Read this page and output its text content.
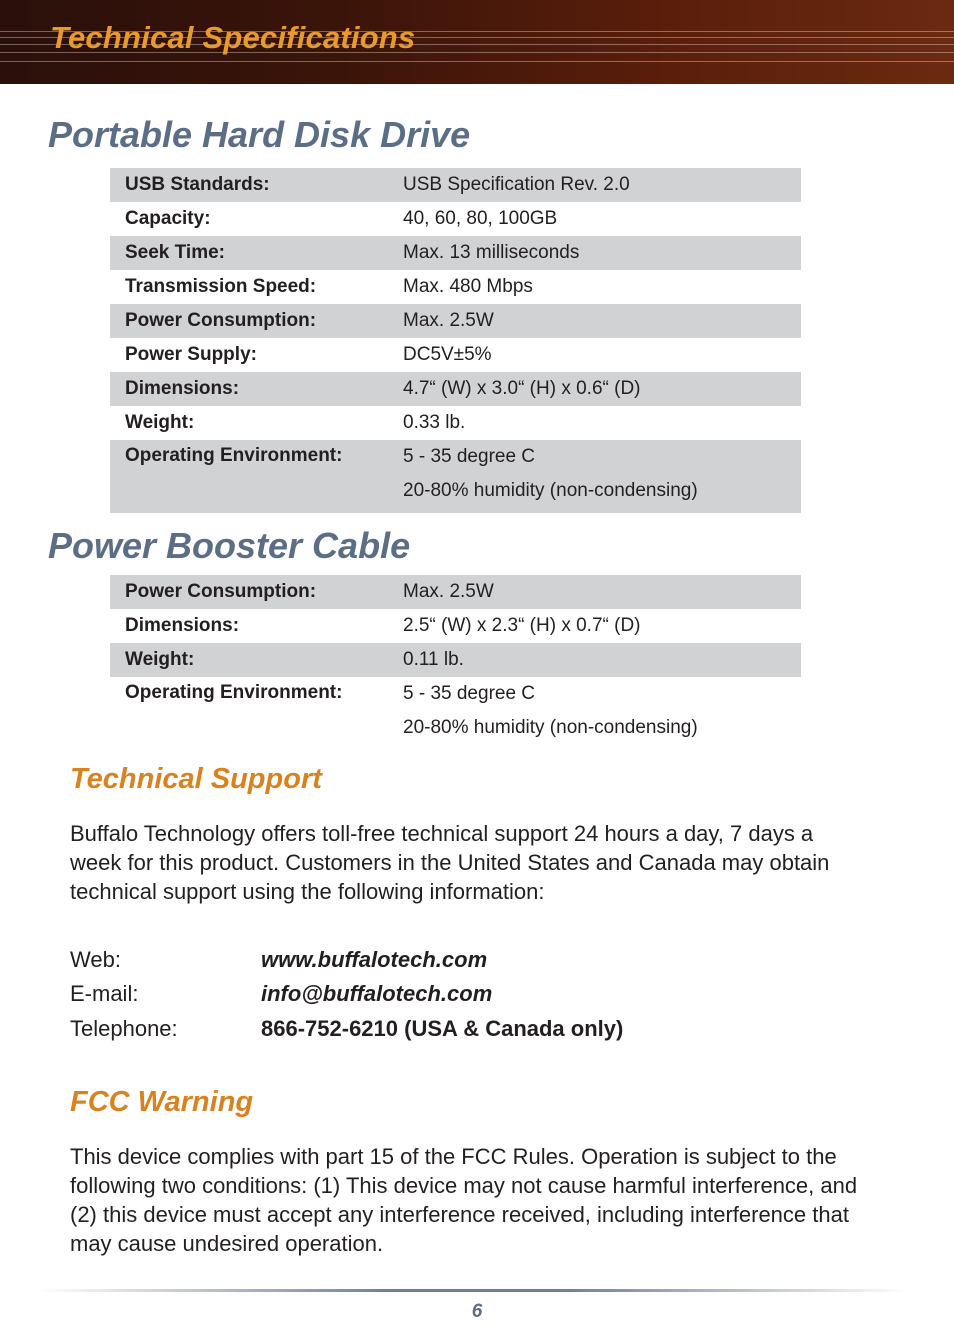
Technical Specifications
Portable Hard Disk Drive
USB Standards:	USB Specification Rev. 2.0
Capacity:	40, 60, 80, 100GB
Seek Time:	Max. 13 milliseconds
Transmission Speed:	Max. 480 Mbps
Power Consumption:	Max. 2.5W
Power Supply:	DC5V±5%
Dimensions:	4.7“ (W) x 3.0“ (H) x 0.6“ (D)
Weight:	0.33 lb.
Operating Environment:	5 - 35 degree C
20-80% humidity (non-condensing)
Power Booster Cable
Power Consumption:	Max. 2.5W
Dimensions:	2.5“ (W) x 2.3“ (H) x 0.7“ (D)
Weight:	0.11 lb.
Operating Environment:	5 - 35 degree C
20-80% humidity (non-condensing)
Technical Support
Buffalo Technology offers toll-free technical support 24 hours a day, 7 days a week for this product. Customers in the United States and Canada may obtain technical support using the following information:
Web:	www.buffalotech.com
E-mail:	info@buffalotech.com
Telephone:	866-752-6210 (USA & Canada only)
FCC Warning
This device complies with part 15 of the FCC Rules. Operation is subject to the following two conditions: (1) This device may not cause harmful interference, and (2) this device must accept any interference received, including interference that may cause undesired operation.
6
